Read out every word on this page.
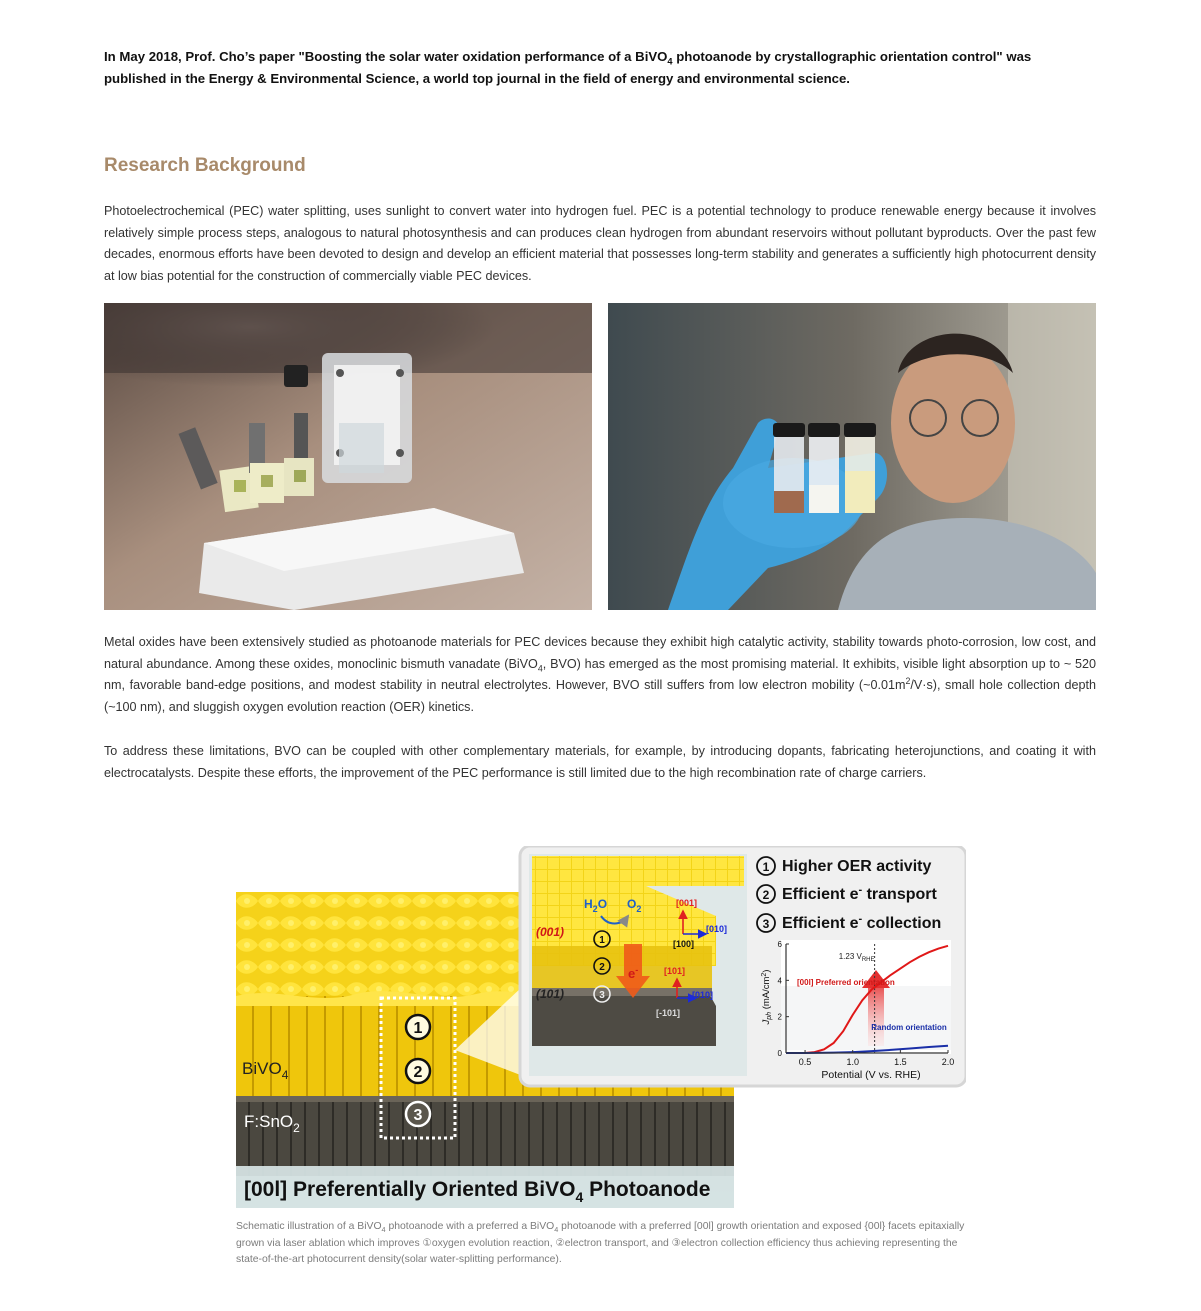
In May 2018, Prof. Cho’s paper "Boosting the solar water oxidation performance of a BiVO$_4$ photoanode by crystallographic orientation control" was published in the Energy & Environmental Science, a world top journal in the field of energy and environmental science.

Research Background

Photoelectrochemical (PEC) water splitting, uses sunlight to convert water into hydrogen fuel. PEC is a potential technology to produce renewable energy because it involves relatively simple process steps, analogous to natural photosynthesis and can produces clean hydrogen from abundant reservoirs without pollutant byproducts. Over the past few decades, enormous efforts have been devoted to design and develop an efficient material that possesses long-term stability and generates a sufficiently high photocurrent density at low bias potential for the construction of commercially viable PEC devices.

Metal oxides have been extensively studied as photoanode materials for PEC devices because they exhibit high catalytic activity, stability towards photo-corrosion, low cost, and natural abundance. Among these oxides, monoclinic bismuth vanadate (BiVO$_4$, BVO) has emerged as the most promising material. It exhibits, visible light absorption up to ~ 520 nm, favorable band-edge positions, and modest stability in neutral electrolytes. However, BVO still suffers from low electron mobility $(\sim 0.01m^2/V\cdot s)$, small hole collection depth (~100 nm), and sluggish oxygen evolution reaction (OER) kinetics.

To address these limitations, BVO can be coupled with other complementary materials, for example, by introducing dopants, fabricating heterojunctions, and coating it with electrocatalysts. Despite these efforts, the improvement of the PEC performance is still limited due to the high recombination rate of charge carriers.

1
2
3
BiVO$_4$
F:SnO$_2$
[00l] Preferentially Oriented BiVO$_4$ Photoanode
$H_2O$ $O_2$
(001)
(101)
1
2
3
e-
[001]
[010]
[100]
[101]
[010]
[-101]
1 Higher OER activity
2 Efficient e- transport
3 Efficient e- collection
1.23 $V_{RHE}$
[00l] Preferred orientation
Random orientation
0.5	1.0	1.5	2.0
0
2
4
6
Potential (V vs. RHE)
$J_{ph}$ $(mA/cm^2)$

Schematic illustration of a BiVO$_4$ photoanode with a preferred a BiVO$_4$ photoanode with a preferred [00l] growth orientation and exposed {00l} facets epitaxially grown via laser ablation which improves ①oxygen evolution reaction, ②electron transport, and ③electron collection efficiency thus achieving representing the state-of-the-art photocurrent density(solar water-splitting performance).
